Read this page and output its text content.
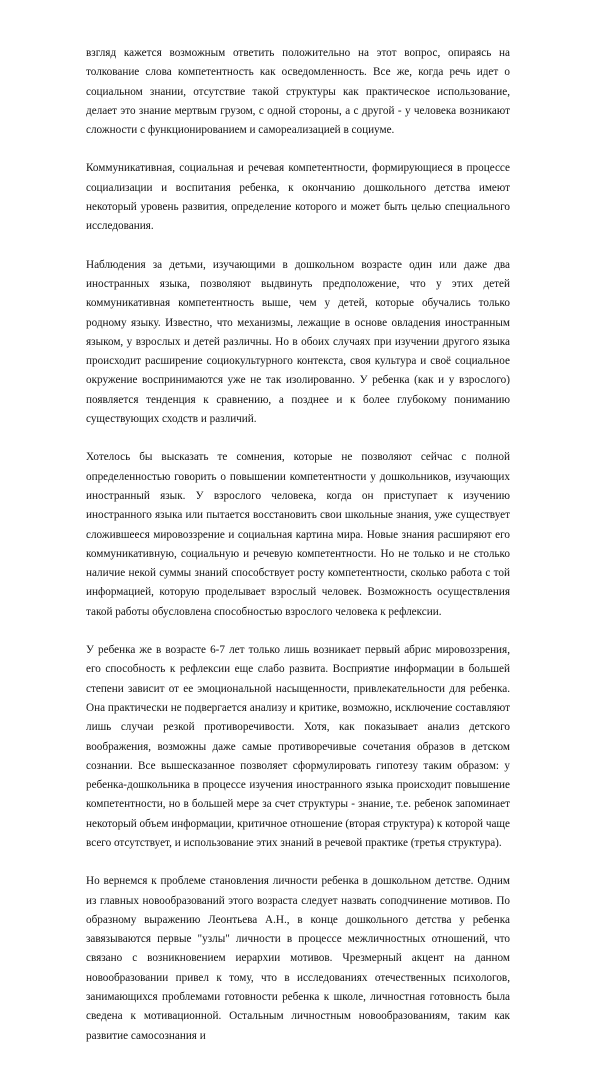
взгляд кажется возможным ответить положительно на этот вопрос, опираясь на толкование слова компетентность как осведомленность. Все же, когда речь идет о социальном знании, отсутствие такой структуры как практическое использование, делает это знание мертвым грузом, с одной стороны, а с другой - у человека возникают сложности с функционированием и самореализацией в социуме.

Коммуникативная, социальная и речевая компетентности, формирующиеся в процессе социализации и воспитания ребенка, к окончанию дошкольного детства имеют некоторый уровень развития, определение которого и может быть целью специального исследования.

Наблюдения за детьми, изучающими в дошкольном возрасте один или даже два иностранных языка, позволяют выдвинуть предположение, что у этих детей коммуникативная компетентность выше, чем у детей, которые обучались только родному языку. Известно, что механизмы, лежащие в основе овладения иностранным языком, у взрослых и детей различны. Но в обоих случаях при изучении другого языка происходит расширение социокультурного контекста, своя культура и своё социальное окружение воспринимаются уже не так изолированно. У ребенка (как и у взрослого) появляется тенденция к сравнению, а позднее и к более глубокому пониманию существующих сходств и различий.

Хотелось бы высказать те сомнения, которые не позволяют сейчас с полной определенностью говорить о повышении компетентности у дошкольников, изучающих иностранный язык. У взрослого человека, когда он приступает к изучению иностранного языка или пытается восстановить свои школьные знания, уже существует сложившееся мировоззрение и социальная картина мира. Новые знания расширяют его коммуникативную, социальную и речевую компетентности. Но не только и не столько наличие некой суммы знаний способствует росту компетентности, сколько работа с той информацией, которую проделывает взрослый человек. Возможность осуществления такой работы обусловлена способностью взрослого человека к рефлексии.

У ребенка же в возрасте 6-7 лет только лишь возникает первый абрис мировоззрения, его способность к рефлексии еще слабо развита. Восприятие информации в большей степени зависит от ее эмоциональной насыщенности, привлекательности для ребенка. Она практически не подвергается анализу и критике, возможно, исключение составляют лишь случаи резкой противоречивости. Хотя, как показывает анализ детского воображения, возможны даже самые противоречивые сочетания образов в детском сознании. Все вышесказанное позволяет сформулировать гипотезу таким образом: у ребенка-дошкольника в процессе изучения иностранного языка происходит повышение компетентности, но в большей мере за счет структуры - знание, т.е. ребенок запоминает некоторый объем информации, критичное отношение (вторая структура) к которой чаще всего отсутствует, и использование этих знаний в речевой практике (третья структура).

Но вернемся к проблеме становления личности ребенка в дошкольном детстве. Одним из главных новообразований этого возраста следует назвать соподчинение мотивов. По образному выражению Леонтьева А.Н., в конце дошкольного детства у ребенка завязываются первые "узлы" личности в процессе межличностных отношений, что связано с возникновением иерархии мотивов. Чрезмерный акцент на данном новообразовании привел к тому, что в исследованиях отечественных психологов, занимающихся проблемами готовности ребенка к школе, личностная готовность была сведена к мотивационной. Остальным личностным новообразованиям, таким как развитие самосознания и
